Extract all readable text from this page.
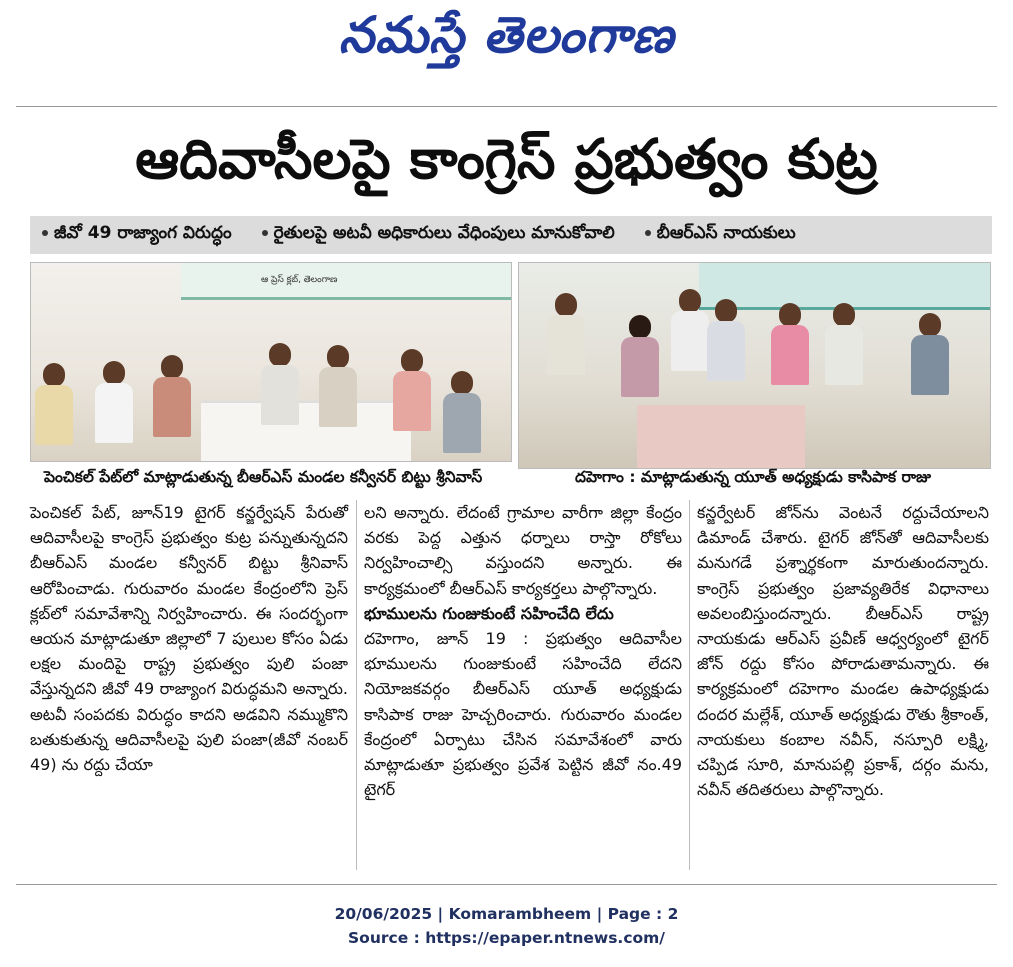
నమస్తే తెలంగాణ
ఆదివాసీలపై కాంగ్రెస్ ప్రభుత్వం కుట్ర
జీవో 49 రాజ్యాంగ విరుద్ధం	రైతులపై అటవీ అధికారులు వేధింపులు మానుకోవాలి	బీఆర్ఎస్ నాయకులు
ఆ ప్రెస్ క్లబ్, తెలంగాణ
పెంచికల్ పేట్‌లో మాట్లాడుతున్న బీఆర్ఎస్ మండల కన్వీనర్ బిట్టు శ్రీనివాస్	దహెగాం : మాట్లాడుతున్న యూత్ అధ్యక్షుడు కాసిపాక రాజు

పెంచికల్ పేట్, జూన్19 టైగర్ కన్జర్వేషన్ పేరుతో ఆదివాసీలపై కాంగ్రెస్ ప్రభుత్వం కుట్ర పన్నుతున్నదని బీఆర్ఎస్ మండల కన్వీనర్ బిట్టు శ్రీనివాస్ ఆరోపించాడు. గురువారం మండల కేంద్రంలోని ప్రెస్ క్లబ్‌లో సమావేశాన్ని నిర్వహించారు. ఈ సందర్భంగా ఆయన మాట్లాడుతూ జిల్లాలో 7 పులుల కోసం ఏడు లక్షల మందిపై రాష్ట్ర ప్రభుత్వం పులి పంజా వేస్తున్నదని జీవో 49 రాజ్యాంగ విరుద్ధమని అన్నారు. అటవీ సంపదకు విరుద్ధం కాదని అడవిని నమ్ముకొని బతుకుతున్న ఆదివాసీలపై పులి పంజా(జీవో నంబర్ 49) ను రద్దు చేయా

లని అన్నారు. లేదంటే గ్రామాల వారీగా జిల్లా కేంద్రం వరకు పెద్ద ఎత్తున ధర్నాలు రాస్తా రోకోలు నిర్వహించాల్సి వస్తుందని అన్నారు. ఈ కార్యక్రమంలో బీఆర్ఎస్ కార్యకర్తలు పాల్గొన్నారు.

భూములను గుంజుకుంటే సహించేది లేదు

దహెగాం, జూన్ 19 : ప్రభుత్వం ఆదివాసీల భూములను గుంజుకుంటే సహించేది లేదని నియోజకవర్గం బీఆర్ఎస్ యూత్ అధ్యక్షుడు కాసిపాక రాజు హెచ్చరించారు. గురువారం మండల కేంద్రంలో ఏర్పాటు చేసిన సమావేశంలో వారు మాట్లాడుతూ ప్రభుత్వం ప్రవేశ పెట్టిన జీవో నం.49 టైగర్

కన్జర్వేటర్ జోన్‌ను వెంటనే రద్దుచేయాలని డిమాండ్ చేశారు. టైగర్ జోన్‌తో ఆదివాసీలకు మనుగడే ప్రశ్నార్థకంగా మారుతుందన్నారు. కాంగ్రెస్ ప్రభుత్వం ప్రజావ్యతిరేక విధానాలు అవలంబిస్తుందన్నారు. బీఆర్ఎస్ రాష్ట్ర నాయకుడు ఆర్ఎస్ ప్రవీణ్ ఆధ్వర్యంలో టైగర్ జోన్ రద్దు కోసం పోరాడుతామన్నారు. ఈ కార్యక్రమంలో దహెగాం మండల ఉపాధ్యక్షుడు దందర మల్లేశ్, యూత్ అధ్యక్షుడు రౌతు శ్రీకాంత్, నాయకులు కంబాల నవీన్, నస్పూరి లక్ష్మి, చప్పిడ సూరి, మానుపల్లి ప్రకాశ్, దర్గం మను, నవీన్ తదితరులు పాల్గొన్నారు.

20/06/2025 | Komarambheem | Page : 2
Source : https://epaper.ntnews.com/
